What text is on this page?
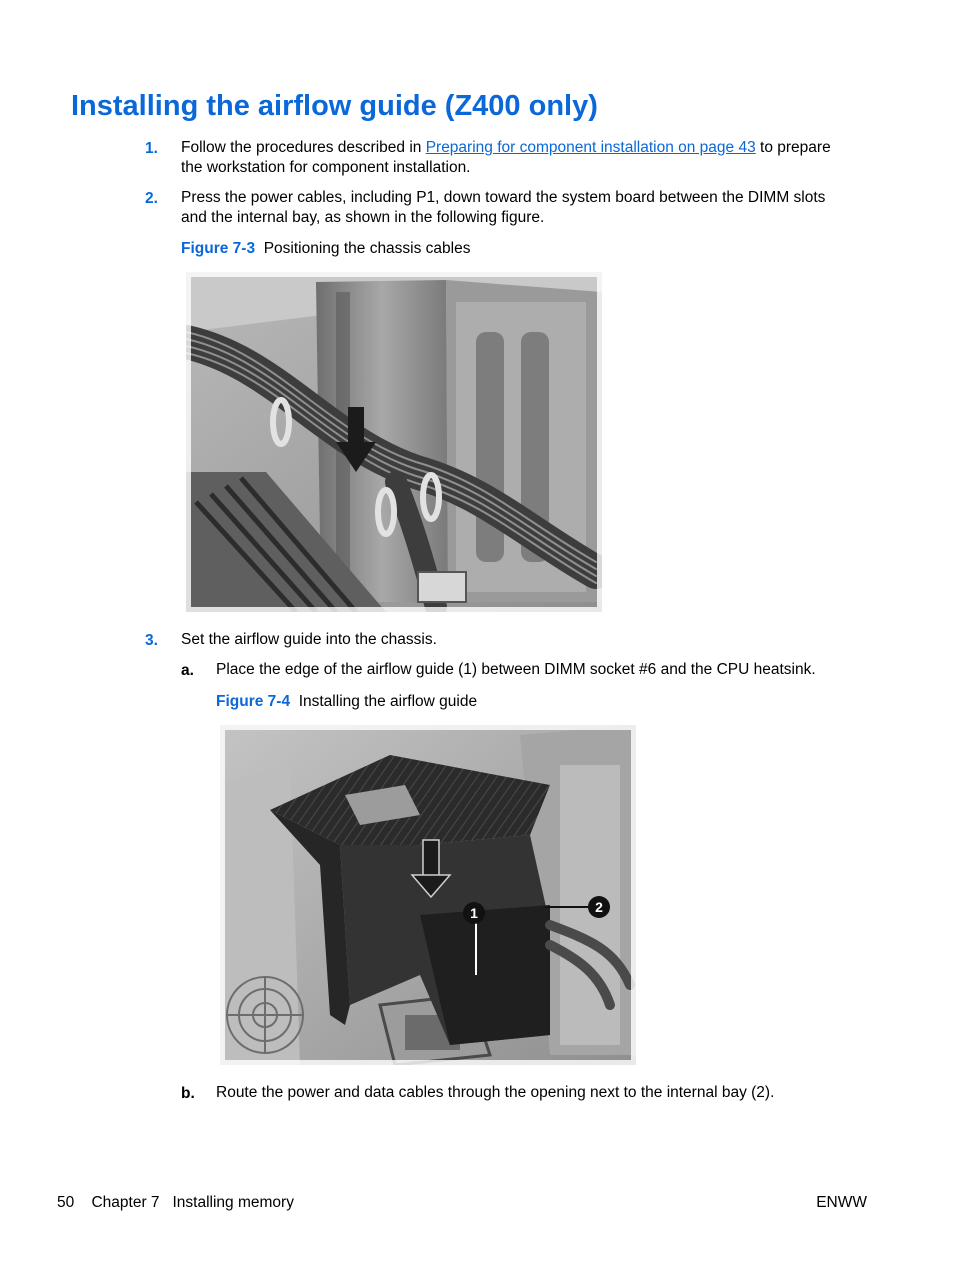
Installing the airflow guide (Z400 only)
1. Follow the procedures described in Preparing for component installation on page 43 to prepare
the workstation for component installation.
2. Press the power cables, including P1, down toward the system board between the DIMM slots
and the internal bay, as shown in the following figure.
Figure 7-3 Positioning the chassis cables
3. Set the airflow guide into the chassis.
a. Place the edge of the airflow guide (1) between DIMM socket #6 and the CPU heatsink.
Figure 7-4 Installing the airflow guide
1	2
b. Route the power and data cables through the opening next to the internal bay (2).
50 Chapter 7 Installing memory	ENWW
